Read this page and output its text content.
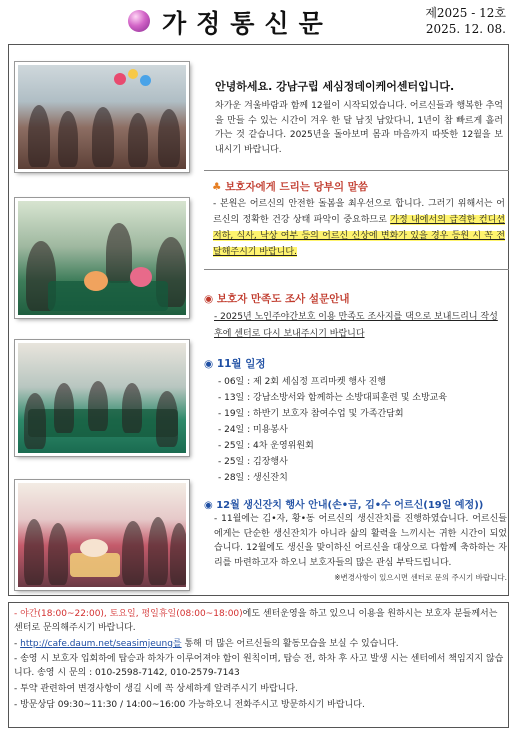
가정통신문	제2025 - 12호
2025. 12. 08.
안녕하세요. 강남구립 세심정데이케어센터입니다.
차가운 겨울바람과 함께 12월이 시작되었습니다. 어르신들과 행복한 추억을 만들 수 있는 시간이 겨우 한 달 남짓 남았다니, 1년이 참 빠르게 흘러가는 것 같습니다. 2025년을 돌아보며 몸과 마음까지 따뜻한 12월을 보내시기 바랍니다.
♣ 보호자에게 드리는 당부의 말씀
- 본원은 어르신의 안전한 돌봄을 최우선으로 합니다. 그러기 위해서는 어르신의 정확한 건강 상태 파악이 중요하므로 가정 내에서의 급격한 컨디션 저하, 식사, 낙상 여부 등의 어르신 신상에 변화가 있을 경우 등원 시 꼭 전달해주시기 바랍니다.
◉ 보호자 만족도 조사 설문안내
- 2025년 노인주야간보호 이용 만족도 조사지를 댁으로 보내드리니 작성 후에 센터로 다시 보내주시기 바랍니다
◉ 11월 일정
- 06일 : 제 2회 세심정 프리마켓 행사 진행
- 13일 : 강남소방서와 함께하는 소방대피훈련 및 소방교육
- 19일 : 하반기 보호자 참여수업 및 가족간담회
- 24일 : 미용봉사
- 25일 : 4차 운영위원회
- 25일 : 김장행사
- 28일 : 생신잔치
◉ 12월 생신잔치 행사 안내(손•금, 김•수 어르신(19일 예정))
- 11월에는 김•자, 황•동 어르신의 생신잔치를 진행하였습니다. 어르신들에게는 단순한 생신잔치가 아니라 삶의 활력을 느끼시는 귀한 시간이 되었습니다. 12월에도 생신을 맞이하신 어르신을 대상으로 다함께 축하하는 자리를 마련하고자 하오니 보호자들의 많은 관심 부탁드립니다.
※변경사항이 있으시면 센터로 문의 주시기 바랍니다.
- 야간(18:00~22:00), 토요일, 평일휴일(08:00~18:00)에도 센터운영을 하고 있으니 이용을 원하시는 보호자 분들께서는 센터로 문의해주시기 바랍니다.
- http://cafe.daum.net/seasimjeung를 통해 더 많은 어르신들의 활동모습을 보실 수 있습니다.
- 송영 시 보호자 입회하에 탑승과 하차가 이루어져야 함이 원칙이며, 탑승 전, 하차 후 사고 발생 시는 센터에서 책임지지 않습니다. 송영 시 문의 : 010-2598-7142, 010-2579-7143
- 투약 관련하여 변경사항이 생길 시에 꼭 상세하게 알려주시기 바랍니다.
- 방문상담 09:30~11:30 / 14:00~16:00 가능하오니 전화주시고 방문하시기 바랍니다.
